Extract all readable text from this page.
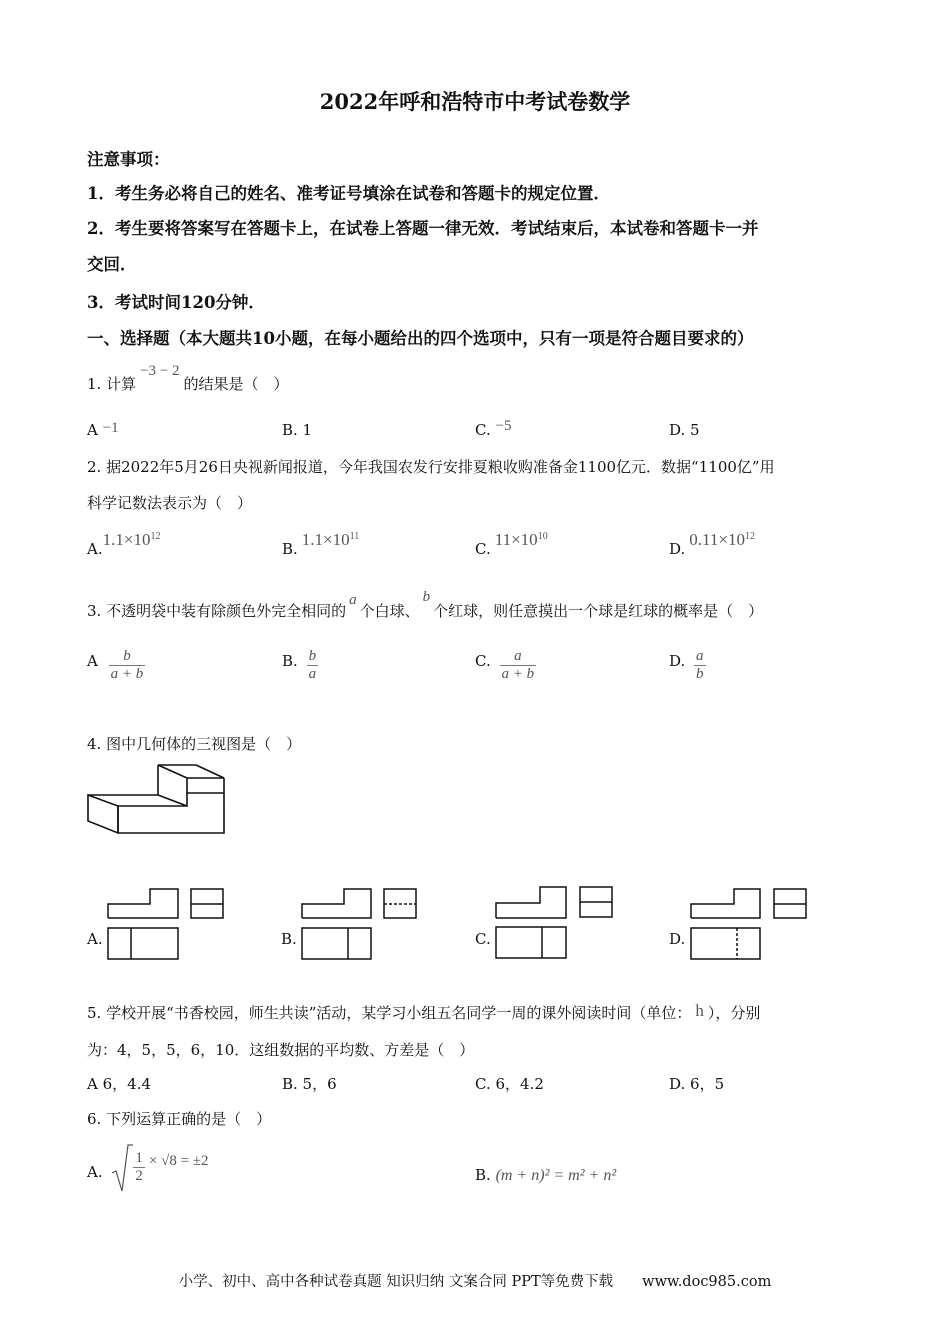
2022年呼和浩特市中考试卷数学
注意事项：
1．考生务必将自己的姓名、准考证号填涂在试卷和答题卡的规定位置．
2．考生要将答案写在答题卡上，在试卷上答题一律无效．考试结束后，本试卷和答题卡一并
交回．
3．考试时间120分钟．
一、选择题（本大题共10小题，在每小题给出的四个选项中，只有一项是符合题目要求的）
1. 计算−3 − 2的结果是（　）
A −1	B. 1	C. −5	D. 5
2. 据2022年5月26日央视新闻报道，今年我国农发行安排夏粮收购准备金1100亿元．数据“1100亿”用
科学记数法表示为（　）
$A.1.1\times 10^{12}$
B. $1.1\times 10^{11}$
C. $11\times 10^{10}$
D. $0.11\times 10^{12}$
3. 不透明袋中装有除颜色外完全相同的a个白球、b个红球，则任意摸出一个球是红球的概率是（　）
A $\frac{b}{a + b}$	B. $\frac{b}{a}$	C. $\frac{a}{a + b}$	D. $\frac{a}{b}$
4. 图中几何体的三视图是（　）
A.	B.	C.	D.
5. 学校开展“书香校园，师生共读”活动，某学习小组五名同学一周的课外阅读时间（单位： h ），分别
为：4，5，5，6，10．这组数据的平均数、方差是（　）
A 6，4.4	B. 5，6	C. 6，4.2	D. 6，5
6. 下列运算正确的是（　）
A. $\frac{1}{2} \times √8 = \pm 2$
B. (m + n)² = m² + n²
小学、初中、高中各种试卷真题 知识归纳 文案合同 PPT等免费下载　　www.doc985.com
